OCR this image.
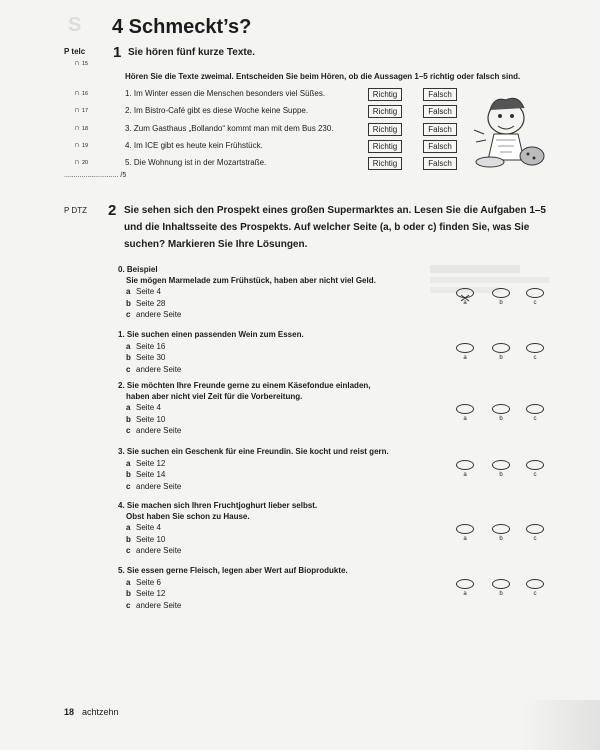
S 4 Schmeckt’s?
P telc
∩ 15
1 Sie hören fünf kurze Texte.
Hören Sie die Texte zweimal. Entscheiden Sie beim Hören, ob die Aussagen 1–5 richtig oder falsch sind.
∩ 16	1. Im Winter essen die Menschen besonders viel Süßes.	Richtig	Falsch
∩ 17	2. Im Bistro-Café gibt es diese Woche keine Suppe.	Richtig	Falsch
∩ 18	3. Zum Gasthaus „Bollando“ kommt man mit dem Bus 230.	Richtig	Falsch
∩ 19	4. Im ICE gibt es heute kein Frühstück.	Richtig	Falsch
∩ 20	5. Die Wohnung ist in der Mozartstraße.	Richtig	Falsch
............................ /5
P DTZ 2 Sie sehen sich den Prospekt eines großen Supermarktes an. Lesen Sie die Aufgaben 1–5
und die Inhaltsseite des Prospekts. Auf welcher Seite (a, b oder c) finden Sie, was Sie
suchen? Markieren Sie Ihre Lösungen.
0. Beispiel
Sie mögen Marmelade zum Frühstück, haben aber nicht viel Geld.
a Seite 4
b Seite 28
c andere Seite
a	b	c
1. Sie suchen einen passenden Wein zum Essen.
a Seite 16
b Seite 30
c andere Seite
a	b	c
2. Sie möchten Ihre Freunde gerne zu einem Käsefondue einladen,
haben aber nicht viel Zeit für die Vorbereitung.
a Seite 4
b Seite 10
c andere Seite
a	b	c
3. Sie suchen ein Geschenk für eine Freundin. Sie kocht und reist gern.
a Seite 12
b Seite 14
c andere Seite
a	b	c
4. Sie machen sich Ihren Fruchtjoghurt lieber selbst.
Obst haben Sie schon zu Hause.
a Seite 4
b Seite 10
c andere Seite
a	b	c
5. Sie essen gerne Fleisch, legen aber Wert auf Bioprodukte.
a Seite 6
b Seite 12
c andere Seite
a	b	c
18 achtzehn
